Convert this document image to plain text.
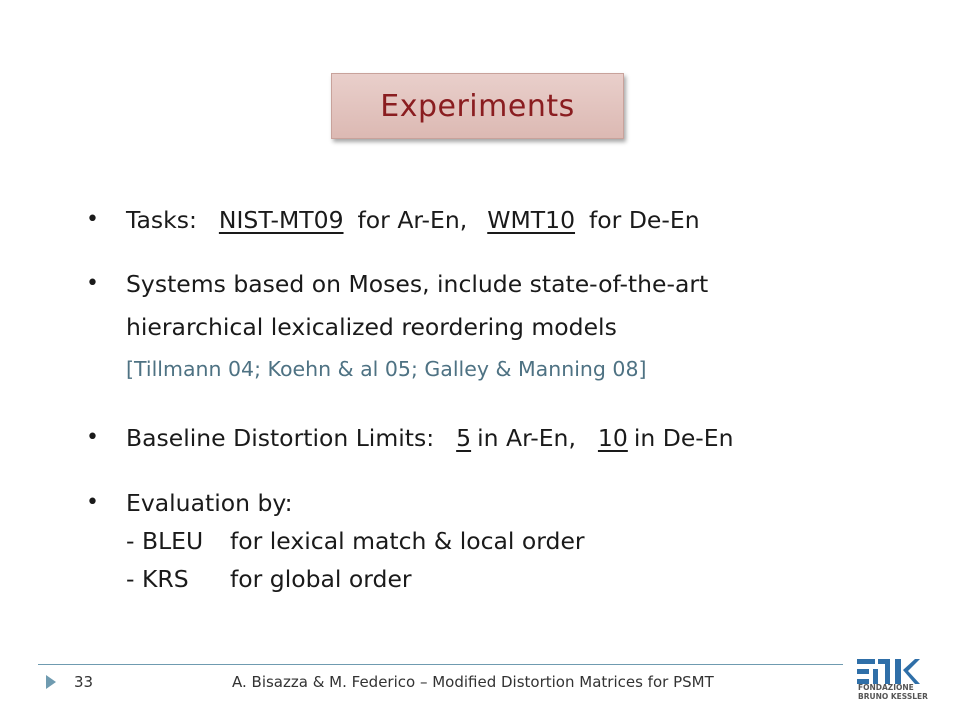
Experiments
• Tasks: NIST-MT09 for Ar-En, WMT10 for De-En
• Systems based on Moses, include state-of-the-art
hierarchical lexicalized reordering models
[Tillmann 04; Koehn & al 05; Galley & Manning 08]
• Baseline Distortion Limits: 5 in Ar-En, 10 in De-En
• Evaluation by:
- BLEU for lexical match & local order
- KRS for global order
33	A. Bisazza & M. Federico – Modified Distortion Matrices for PSMT	FONDAZIONE
BRUNO KESSLER
